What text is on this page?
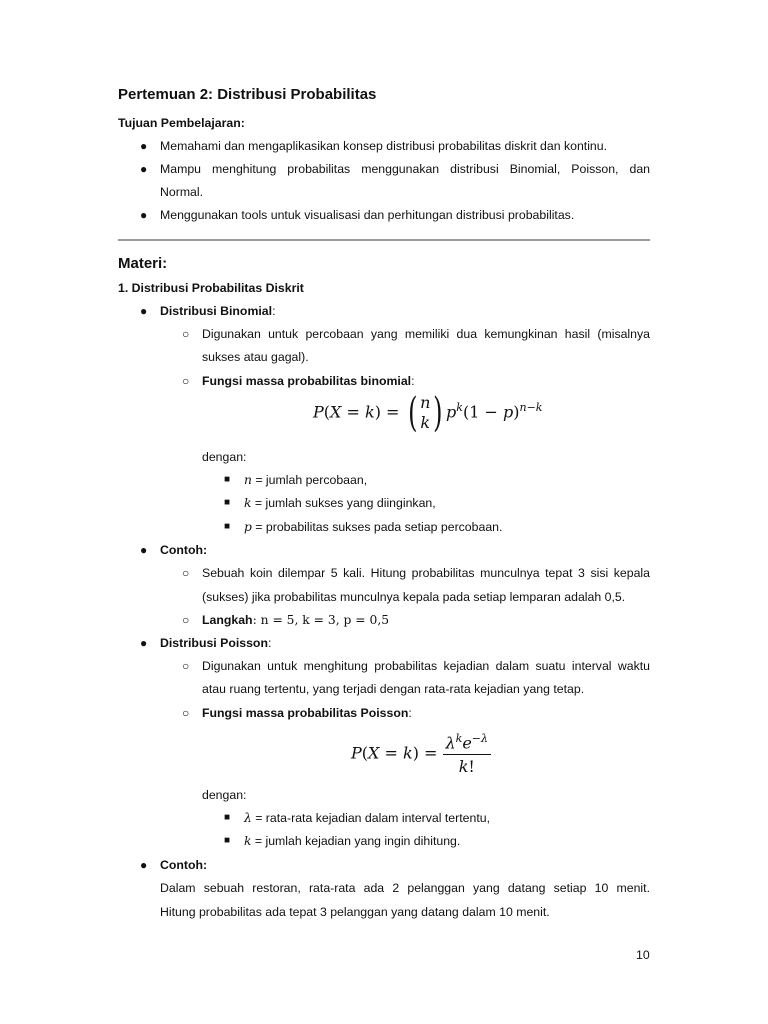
Pertemuan 2: Distribusi Probabilitas
Tujuan Pembelajaran:
● Memahami dan mengaplikasikan konsep distribusi probabilitas diskrit dan kontinu.
● Mampu menghitung probabilitas menggunakan distribusi Binomial, Poisson, dan
Normal.
● Menggunakan tools untuk visualisasi dan perhitungan distribusi probabilitas.
Materi:
1. Distribusi Probabilitas Diskrit
● Distribusi Binomial:
○ Digunakan untuk percobaan yang memiliki dua kemungkinan hasil (misalnya
sukses atau gagal).
○ Fungsi massa probabilitas binomial:
P(X = k) = ( n
k ) $p^k(1 - p)^{n-k}$
dengan:
■ n = jumlah percobaan,
■ k = jumlah sukses yang diinginkan,
■ p = probabilitas sukses pada setiap percobaan.
● Contoh:
○ Sebuah koin dilempar 5 kali. Hitung probabilitas munculnya tepat 3 sisi kepala
(sukses) jika probabilitas munculnya kepala pada setiap lemparan adalah 0,5.
○ Langkah: n = 5, k = 3, p = 0,5
● Distribusi Poisson:
○ Digunakan untuk menghitung probabilitas kejadian dalam suatu interval waktu
atau ruang tertentu, yang terjadi dengan rata-rata kejadian yang tetap.
○ Fungsi massa probabilitas Poisson:
$P(X = k) = \frac{\lambda^ke^{-\lambda}}{k!}$
dengan:
■ λ = rata-rata kejadian dalam interval tertentu,
■ k = jumlah kejadian yang ingin dihitung.
● Contoh:
Dalam sebuah restoran, rata-rata ada 2 pelanggan yang datang setiap 10 menit.
Hitung probabilitas ada tepat 3 pelanggan yang datang dalam 10 menit.
10
